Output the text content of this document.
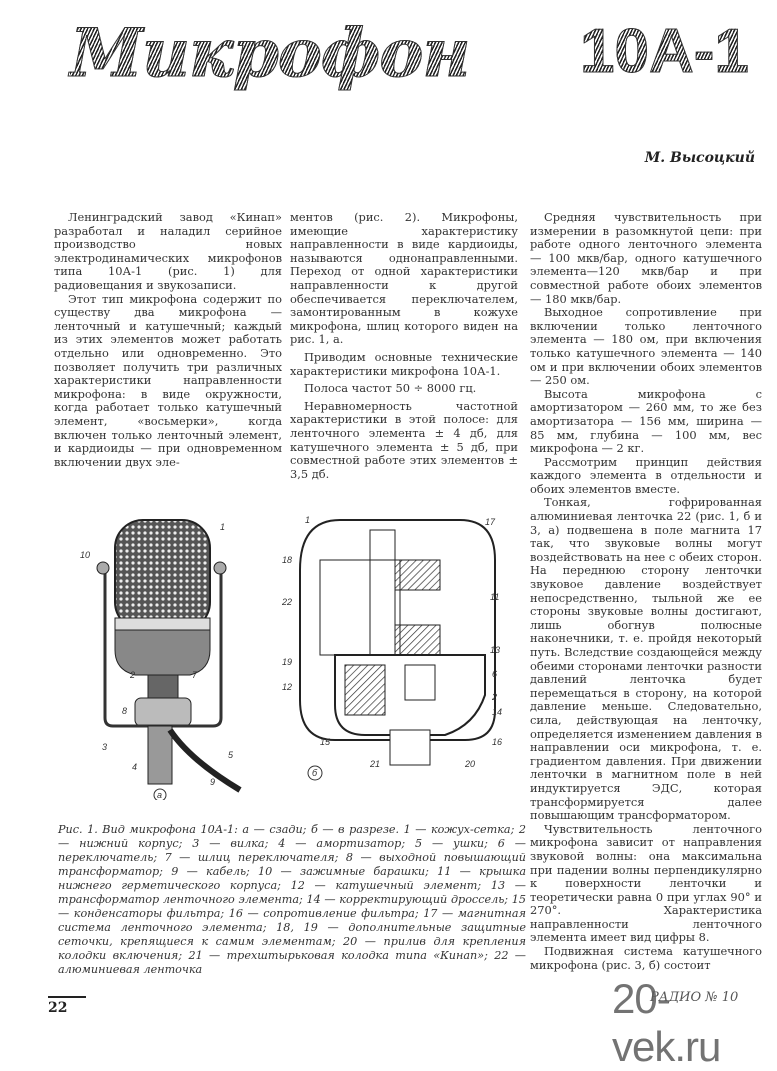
Микрофон 10А-1
М. Высоцкий

Ленинградский завод «Кинап» разработал и наладил серийное производство новых электродинамических микрофонов типа 10А-1 (рис. 1) для радиовещания и звукозаписи.

Этот тип микрофона содержит по существу два микрофона — ленточный и катушечный; каждый из этих элементов может работать отдельно или одновременно. Это позволяет получить три различных характеристики направленности микрофона: в виде окружности, когда работает только катушечный элемент, «восьмерки», когда включен только ленточный элемент, и кардиоиды — при одновременном включении двух эле-

ментов (рис. 2). Микрофоны, имеющие характеристику направленности в виде кардиоиды, называются однонаправленными. Переход от одной характеристики направленности к другой обеспечивается переключателем, замонтированным в кожухе микрофона, шлиц которого виден на рис. 1, а.

Приводим основные технические характеристики микрофона 10А-1.

Полоса частот 50 ÷ 8000 гц.

Неравномерность частотной характеристики в этой полосе: для ленточного элемента ± 4 дб, для катушечного элемента ± 5 дб, при совместной работе этих элементов ± 3,5 дб.

Средняя чувствительность при измерении в разомкнутой цепи: при работе одного ленточного элемента — 100 мкв/бар, одного катушечного элемента—120 мкв/бар и при совместной работе обоих элементов — 180 мкв/бар.

Выходное сопротивление при включении только ленточного элемента — 180 ом, при включения только катушечного элемента — 140 ом и при включении обоих элементов — 250 ом.

Высота микрофона с амортизатором — 260 мм, то же без амортизатора — 156 мм, ширина — 85 мм, глубина — 100 мм, вес микрофона — 2 кг.

Рассмотрим принцип действия каждого элемента в отдельности и обоих элементов вместе.

Тонкая, гофрированная алюминиевая ленточка 22 (рис. 1, б и 3, а) подвешена в поле магнита 17 так, что звуковые волны могут воздействовать на нее с обеих сторон. На переднюю сторону ленточки звуковое давление воздействует непосредственно, тыльной же ее стороны звуковые волны достигают, лишь обогнув полюсные наконечники, т. е. пройдя некоторый путь. Вследствие создающейся между обеими сторонами ленточки разности давлений ленточка будет перемещаться в сторону, на которой давление меньше. Следовательно, сила, действующая на ленточку, определяется изменением давления в направлении оси микрофона, т. е. градиентом давления. При движении ленточки в магнитном поле в ней индуктируется ЭДС, которая трансформируется далее повышающим трансформатором.

Чувствительность ленточного микрофона зависит от направления звуковой волны: она максимальна при падении волны перпендикулярно к поверхности ленточки и теоретически равна 0 при углах 90° и 270°. Характеристика направленности ленточного элемента имеет вид цифры 8.

Подвижная система катушечного микрофона (рис. 3, б) состоит

10
1
2	7
8
3
4
5
9
а
1	17
18
22	11
13
19
12
6
2
14
15	16
21	20
б
Рис. 1. Вид микрофона 10А-1: а — сзади; б — в разрезе. 1 — кожух-сетка; 2 — нижний корпус; 3 — вилка; 4 — амортизатор; 5 — ушки; 6 — переключатель; 7 — шлиц переключателя; 8 — выходной повышающий трансформатор; 9 — кабель; 10 — зажимные барашки; 11 — крышка нижнего герметического корпуса; 12 — катушечный элемент; 13 — трансформатор ленточного элемента; 14 — корректирующий дроссель; 15 — конденсаторы фильтра; 16 — сопротивление фильтра; 17 — магнитная система ленточного элемента; 18, 19 — дополнительные защитные сеточки, крепящиеся к самим элементам; 20 — прилив для крепления колодки включения; 21 — трехштырьковая колодка типа «Кинап»; 22 — алюминиевая ленточка
22
РАДИО № 10
20-vek.ru
